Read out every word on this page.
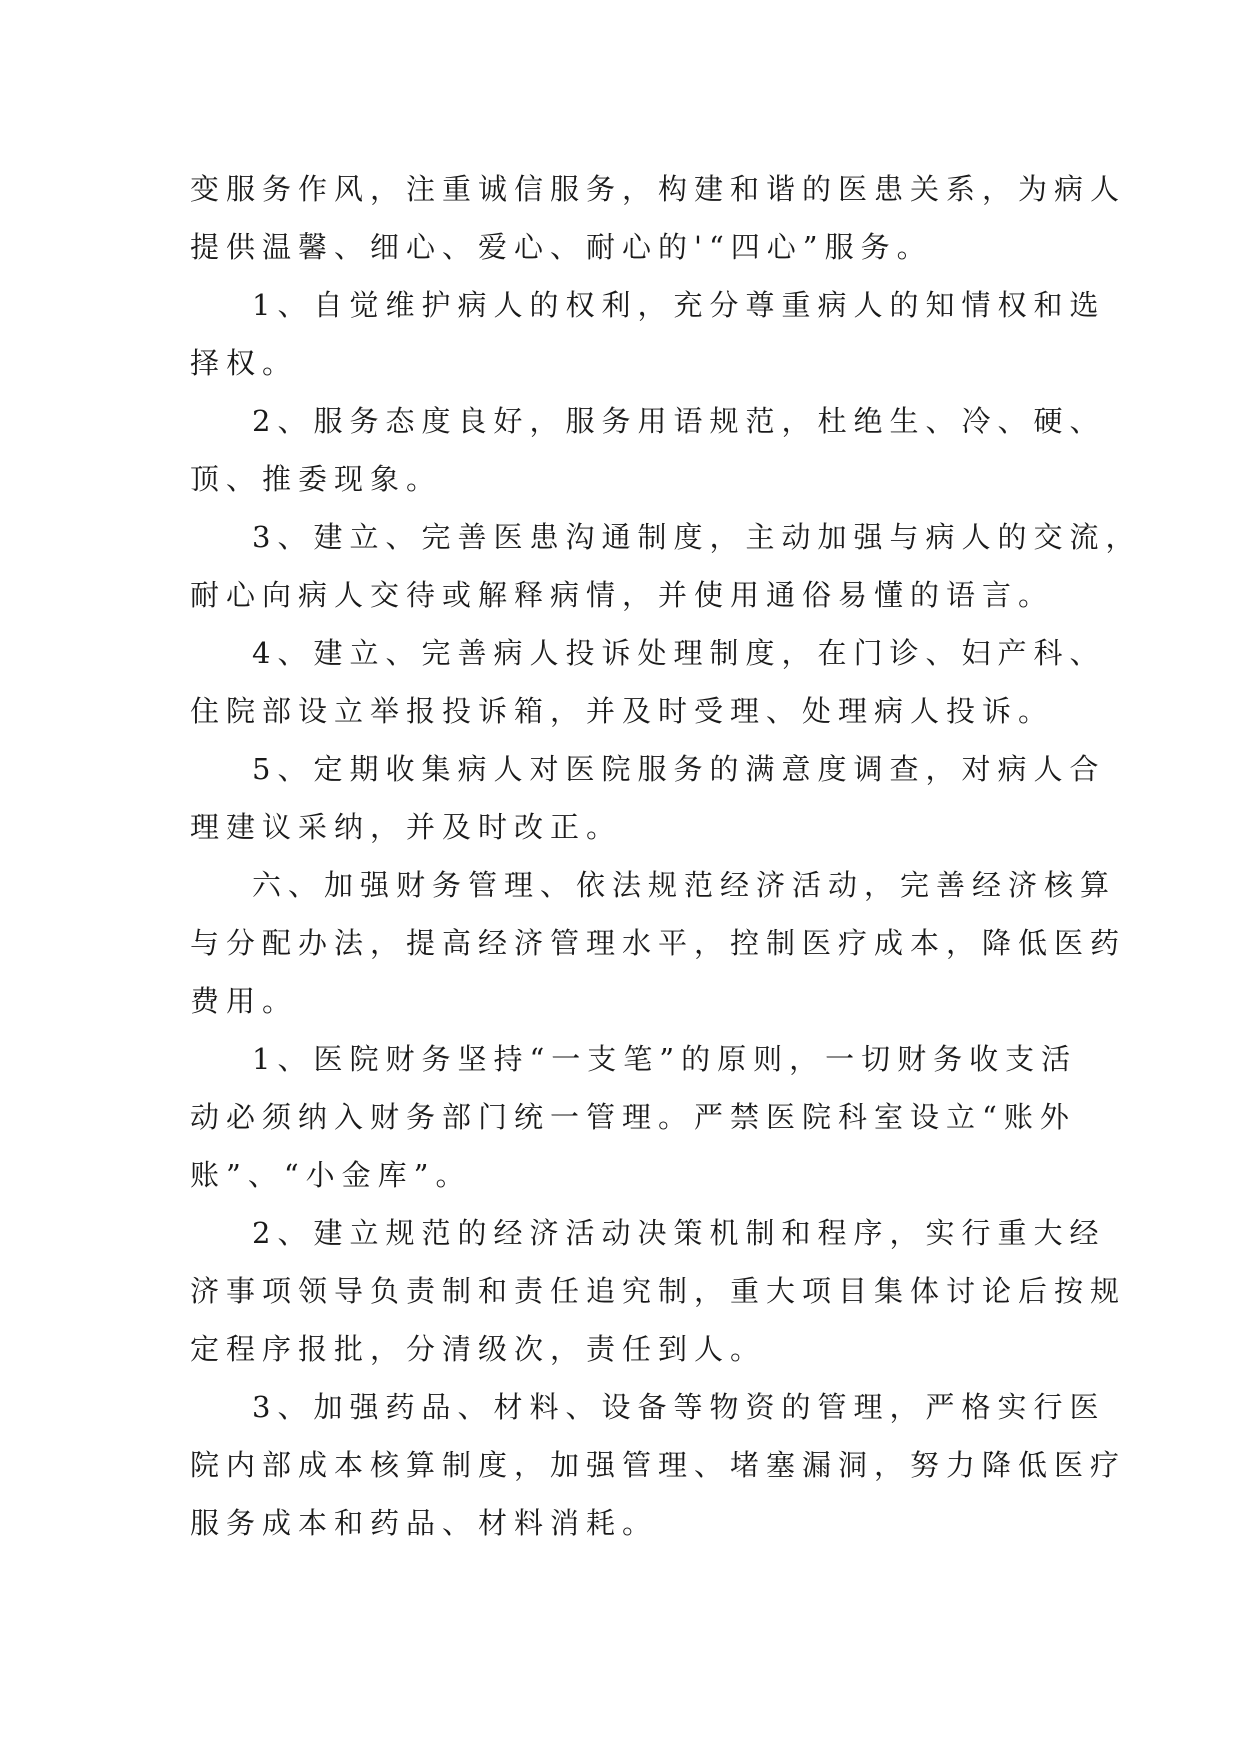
变服务作风，注重诚信服务，构建和谐的医患关系，为病人
提供温馨、细心、爱心、耐心的'“四心”服务。
1、自觉维护病人的权利，充分尊重病人的知情权和选
择权。
2、服务态度良好，服务用语规范，杜绝生、冷、硬、
顶、推委现象。
3、建立、完善医患沟通制度，主动加强与病人的交流，
耐心向病人交待或解释病情，并使用通俗易懂的语言。
4、建立、完善病人投诉处理制度，在门诊、妇产科、
住院部设立举报投诉箱，并及时受理、处理病人投诉。
5、定期收集病人对医院服务的满意度调查，对病人合
理建议采纳，并及时改正。
六、加强财务管理、依法规范经济活动，完善经济核算
与分配办法，提高经济管理水平，控制医疗成本，降低医药
费用。
1、医院财务坚持“一支笔”的原则，一切财务收支活
动必须纳入财务部门统一管理。严禁医院科室设立“账外
账”、“小金库”。
2、建立规范的经济活动决策机制和程序，实行重大经
济事项领导负责制和责任追究制，重大项目集体讨论后按规
定程序报批，分清级次，责任到人。
3、加强药品、材料、设备等物资的管理，严格实行医
院内部成本核算制度，加强管理、堵塞漏洞，努力降低医疗
服务成本和药品、材料消耗。
